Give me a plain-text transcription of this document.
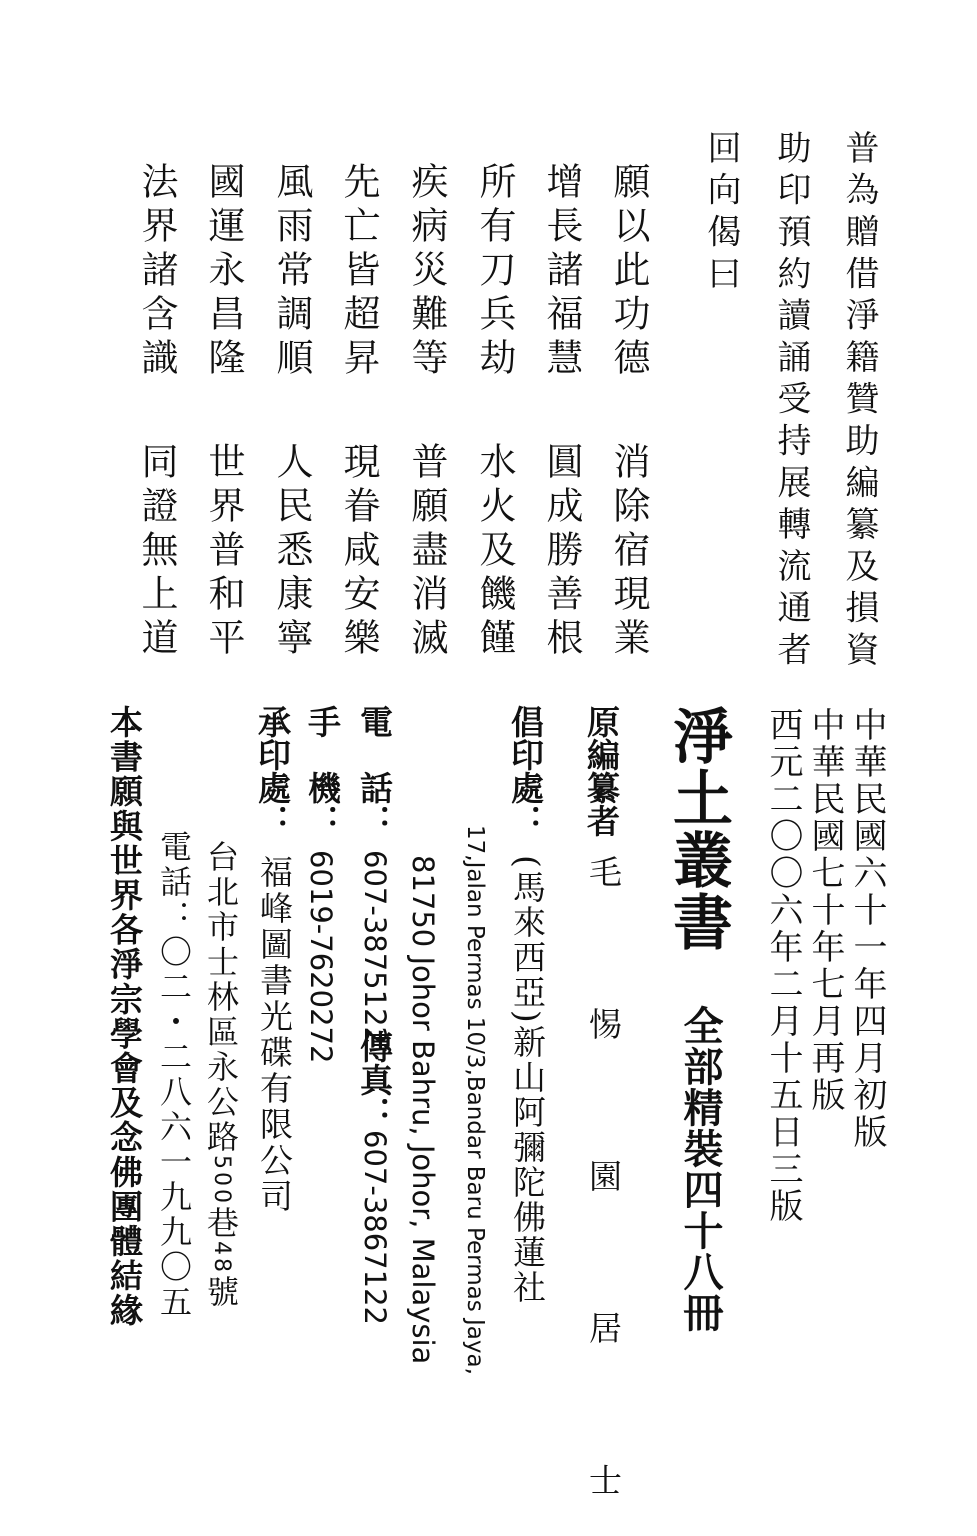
普為贈借淨籍贊助編纂及損資
助印預約讀誦受持展轉流通者
回向偈曰
願以此功德
消除宿現業
增長諸福慧
圓成勝善根
所有刀兵劫
水火及饑饉
疾病災難等
普願盡消滅
先亡皆超昇
現眷咸安樂
風雨常調順
人民悉康寧
國運永昌隆
世界普和平
法界諸含識
同證無上道
中華民國六十一年四月初版
中華民國七十年七月再版
西元二〇〇六年二月十五日三版
淨土叢書
全部精裝四十八冊
原編纂者
毛 惕 園 居 士
倡印處：
(馬來西亞)新山阿彌陀佛蓮社
17,Jalan Permas 10/3,Bandar Baru Permas Jaya,
81750 Johor Bahru, Johor, Malaysia
電　話：
607-3875122
傳真：
607-3867122
手　機：
6019-7620272
承印處：
福峰圖書光碟有限公司
台北市士林區永公路500巷48號
電話：〇二・二八六一九九〇五
本書願與世界各淨宗學會及念佛團體結緣
